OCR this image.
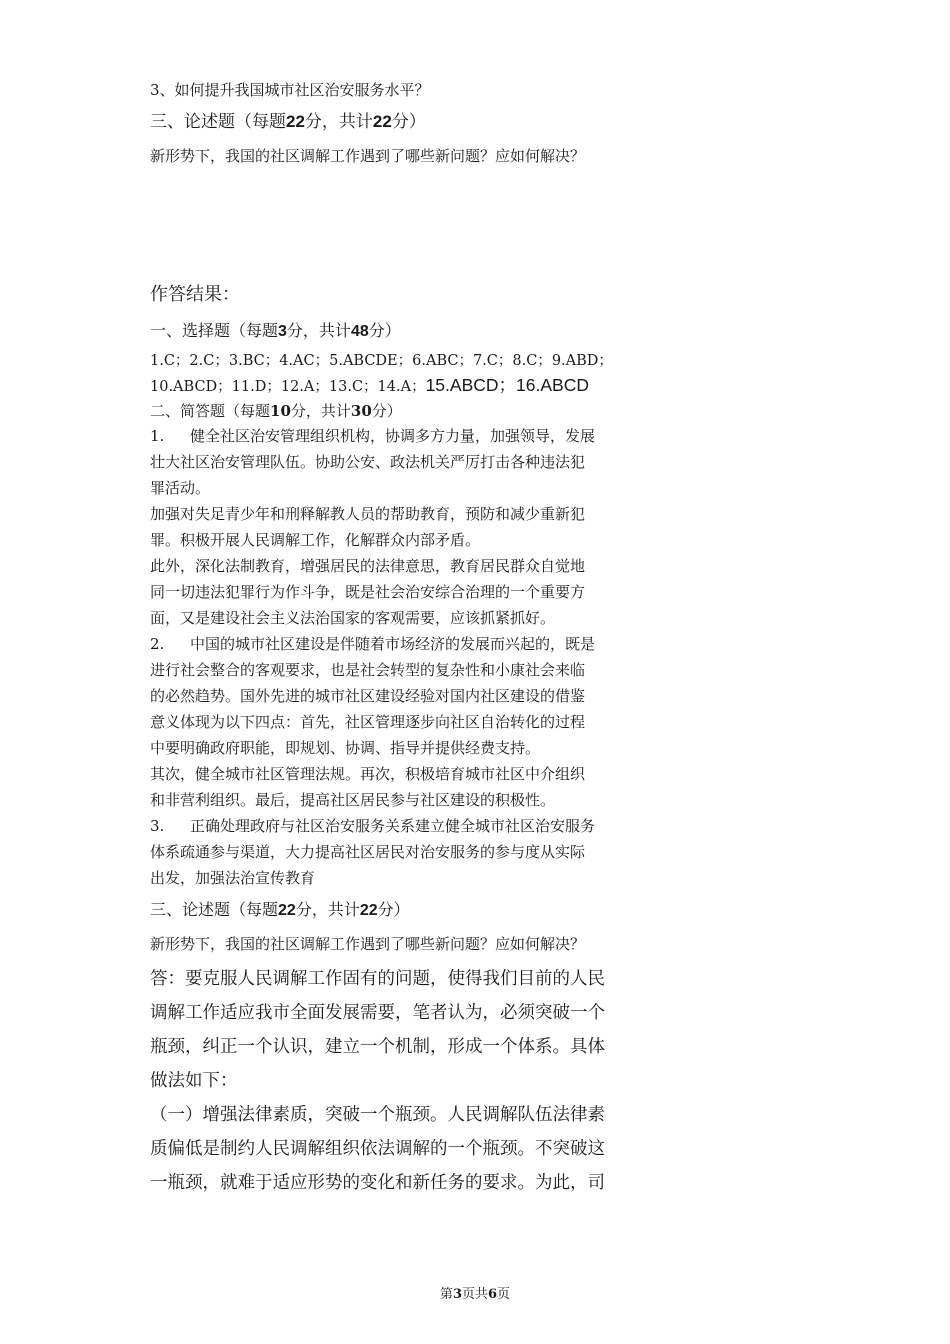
3、如何提升我国城市社区治安服务水平？

三、论述题（每题22分，共计22分）

新形势下，我国的社区调解工作遇到了哪些新问题？应如何解决？

作答结果：

一、选择题（每题3分，共计48分）

1.C；2.C；3.BC；4.AC；5.ABCDE；6.ABC；7.C；8.C；9.ABD；

10.ABCD；11.D；12.A；13.C；14.A；15.ABCD；16.ABCD

二、简答题（每题10分，共计30分）

1. 健全社区治安管理组织机构，协调多方力量，加强领导，发展

壮大社区治安管理队伍。协助公安、政法机关严厉打击各种违法犯

罪活动。

加强对失足青少年和刑释解教人员的帮助教育，预防和减少重新犯

罪。积极开展人民调解工作，化解群众内部矛盾。

此外，深化法制教育，增强居民的法律意思，教育居民群众自觉地

同一切违法犯罪行为作斗争，既是社会治安综合治理的一个重要方

面，又是建设社会主义法治国家的客观需要，应该抓紧抓好。

2. 中国的城市社区建设是伴随着市场经济的发展而兴起的，既是

进行社会整合的客观要求，也是社会转型的复杂性和小康社会来临

的必然趋势。国外先进的城市社区建设经验对国内社区建设的借鉴

意义体现为以下四点：首先，社区管理逐步向社区自治转化的过程

中要明确政府职能，即规划、协调、指导并提供经费支持。

其次，健全城市社区管理法规。再次，积极培育城市社区中介组织

和非营利组织。最后，提高社区居民参与社区建设的积极性。

3. 正确处理政府与社区治安服务关系建立健全城市社区治安服务

体系疏通参与渠道，大力提高社区居民对治安服务的参与度从实际

出发，加强法治宣传教育

三、论述题（每题22分，共计22分）

新形势下，我国的社区调解工作遇到了哪些新问题？应如何解决？

答：要克服人民调解工作固有的问题，使得我们目前的人民

调解工作适应我市全面发展需要，笔者认为，必须突破一个

瓶颈，纠正一个认识，建立一个机制，形成一个体系。具体

做法如下：

（一）增强法律素质，突破一个瓶颈。人民调解队伍法律素

质偏低是制约人民调解组织依法调解的一个瓶颈。不突破这

一瓶颈，就难于适应形势的变化和新任务的要求。为此，司

第3页共6页
